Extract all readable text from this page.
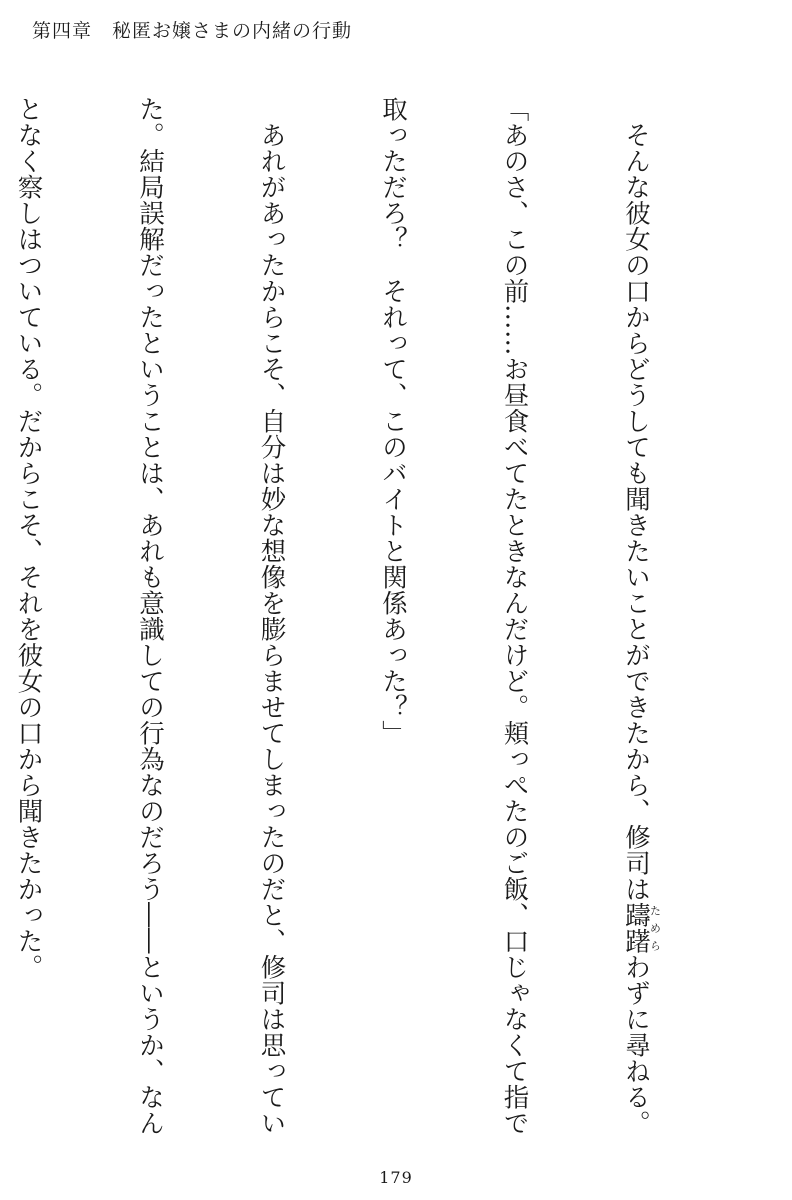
第四章　秘匿お嬢さまの内緒の行動

　そんな彼女の口からどうしても聞きたいことができたから、修司は躊躇ためらわずに尋ねる。

「あのさ、この前……お昼食べてたときなんだけど。頬っぺたのご飯、口じゃなくて指で

取っただろ？　それって、このバイトと関係あった？」

　あれがあったからこそ、自分は妙な想像を膨らませてしまったのだと、修司は思ってい

た。結局誤解だったということは、あれも意識しての行為なのだろう――というか、なん

となく察しはついている。だからこそ、それを彼女の口から聞きたかった。

179
